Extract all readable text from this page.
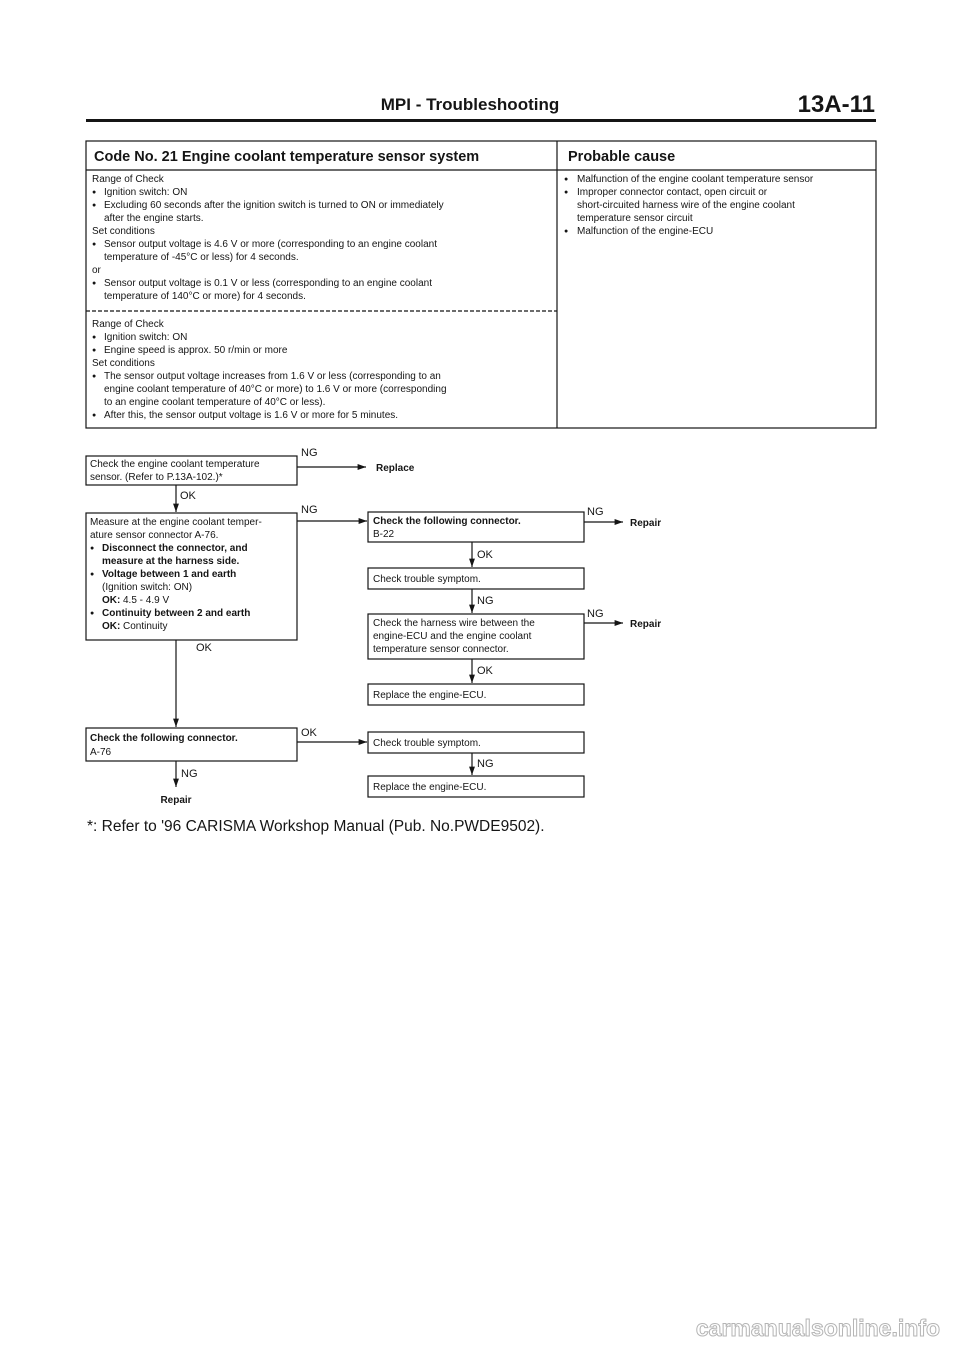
MPI - Troubleshooting	13A-11
Code No. 21 Engine coolant temperature sensor system	Probable cause
Range of Check
● Ignition switch: ON
● Excluding 60 seconds after the ignition switch is turned to ON or immediately
after the engine starts.
Set conditions
● Sensor output voltage is 4.6 V or more (corresponding to an engine coolant
temperature of -45°C or less) for 4 seconds.
or
● Sensor output voltage is 0.1 V or less (corresponding to an engine coolant
temperature of 140°C or more) for 4 seconds.
Range of Check
● Ignition switch: ON
● Engine speed is approx. 50 r/min or more
Set conditions
● The sensor output voltage increases from 1.6 V or less (corresponding to an
engine coolant temperature of 40°C or more) to 1.6 V or more (corresponding
to an engine coolant temperature of 40°C or less).
● After this, the sensor output voltage is 1.6 V or more for 5 minutes.
● Malfunction of the engine coolant temperature sensor
● Improper connector contact, open circuit or
short-circuited harness wire of the engine coolant
temperature sensor circuit
● Malfunction of the engine-ECU
Check the engine coolant temperature
sensor. (Refer to P.13A-102.)*
NG
Replace
OK
Measure at the engine coolant temper-
ature sensor connector A-76.
● Disconnect the connector, and
measure at the harness side.
● Voltage between 1 and earth
(Ignition switch: ON)
OK: 4.5 - 4.9 V
● Continuity between 2 and earth
OK: Continuity
NG
OK
Check the following connector.
B-22
NG
Repair
OK
Check trouble symptom.
NG
Check the harness wire between the
engine-ECU and the engine coolant
temperature sensor connector.
NG
Repair
OK
Replace the engine-ECU.
Check the following connector.
A-76
OK
NG
Repair
Check trouble symptom.
NG
Replace the engine-ECU.
*: Refer to '96 CARISMA Workshop Manual (Pub. No.PWDE9502).
carmanualsonline.info
